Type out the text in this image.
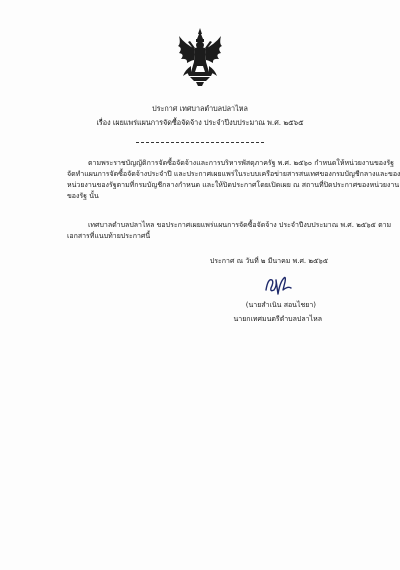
ประกาศ เทศบาลตำบลปลาไหล
เรื่อง เผยแพร่แผนการจัดซื้อจัดจ้าง ประจำปีงบประมาณ พ.ศ. ๒๕๖๕
ตามพระราชบัญญัติการจัดซื้อจัดจ้างและการบริหารพัสดุภาครัฐ พ.ศ. ๒๕๖๐ กำหนดให้หน่วยงานของรัฐ
จัดทำแผนการจัดซื้อจัดจ้างประจำปี และประกาศเผยแพร่ในระบบเครือข่ายสารสนเทศของกรมบัญชีกลางและของ
หน่วยงานของรัฐตามที่กรมบัญชีกลางกำหนด และให้ปิดประกาศโดยเปิดเผย ณ สถานที่ปิดประกาศของหน่วยงาน
ของรัฐ นั้น
เทศบาลตำบลปลาไหล ขอประกาศเผยแพร่แผนการจัดซื้อจัดจ้าง ประจำปีงบประมาณ พ.ศ. ๒๕๖๕ ตาม
เอกสารที่แนบท้ายประกาศนี้
ประกาศ ณ วันที่ ๒ มีนาคม พ.ศ. ๒๕๖๕
(นายสำเนิน สอนไชยา)
นายกเทศมนตรีตำบลปลาไหล
